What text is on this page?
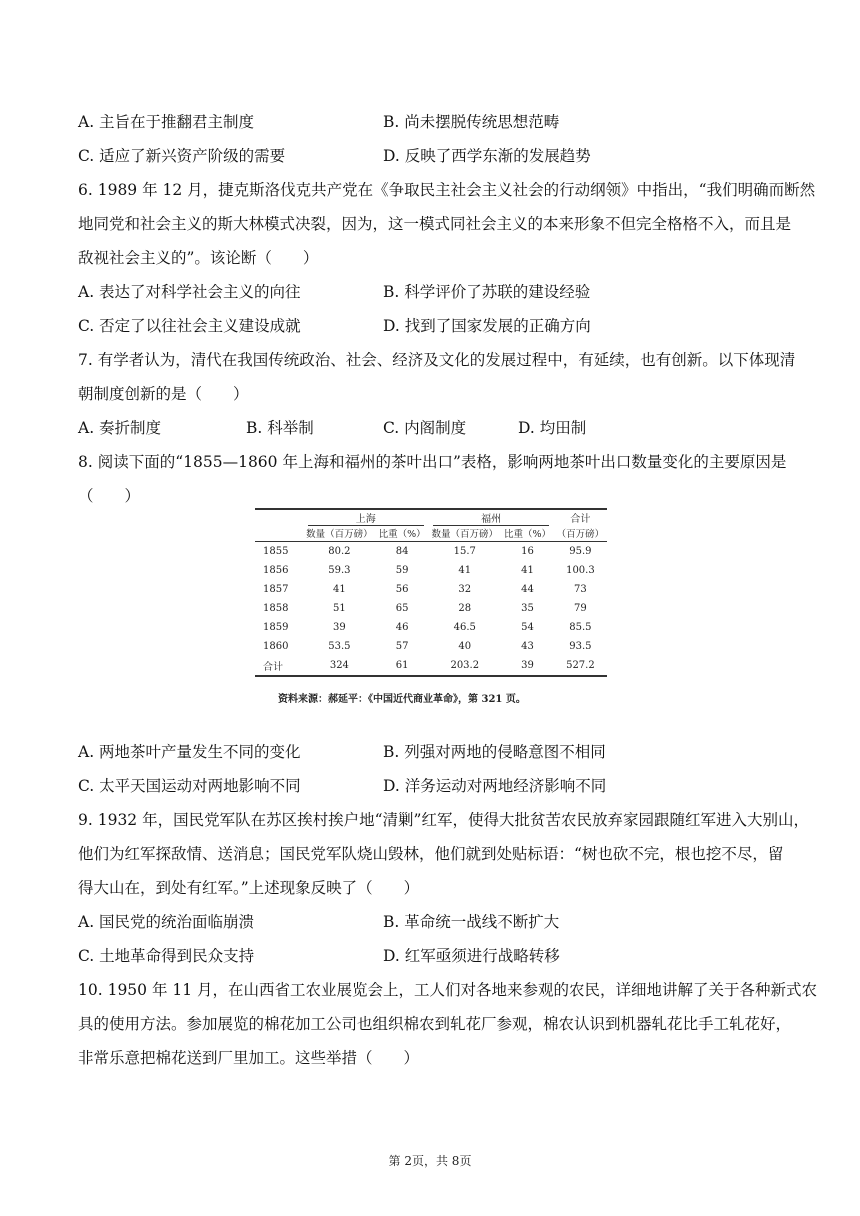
A. 主旨在于推翻君主制度	B. 尚未摆脱传统思想范畴
C. 适应了新兴资产阶级的需要	D. 反映了西学东渐的发展趋势
6. 1989 年 12 月，捷克斯洛伐克共产党在《争取民主社会主义社会的行动纲领》中指出，“我们明确而断然
地同党和社会主义的斯大林模式决裂，因为，这一模式同社会主义的本来形象不但完全格格不入，而且是
敌视社会主义的”。该论断（　　）
A. 表达了对科学社会主义的向往	B. 科学评价了苏联的建设经验
C. 否定了以往社会主义建设成就	D. 找到了国家发展的正确方向
7. 有学者认为，清代在我国传统政治、社会、经济及文化的发展过程中，有延续，也有创新。以下体现清
朝制度创新的是（　　）
A. 奏折制度	B. 科举制	C. 内阁制度	D. 均田制
8. 阅读下面的“1855—1860 年上海和福州的茶叶出口”表格，影响两地茶叶出口数量变化的主要原因是
（　　）
	上海		福州		合计
	数量（百万磅）	比重（%）	数量（百万磅）	比重（%）	（百万磅）
1855	80.2	84	15.7	16	95.9
1856	59.3	59	41	41	100.3
1857	41	56	32	44	73
1858	51	65	28	35	79
1859	39	46	46.5	54	85.5
1860	53.5	57	40	43	93.5
合计	324	61	203.2	39	527.2
资料来源：郝延平：《中国近代商业革命》，第 321 页。
A. 两地茶叶产量发生不同的变化	B. 列强对两地的侵略意图不相同
C. 太平天国运动对两地影响不同	D. 洋务运动对两地经济影响不同
9. 1932 年，国民党军队在苏区挨村挨户地“清剿”红军，使得大批贫苦农民放弃家园跟随红军进入大别山，
他们为红军探敌情、送消息；国民党军队烧山毁林，他们就到处贴标语：“树也砍不完，根也挖不尽，留
得大山在，到处有红军。”上述现象反映了（　　）
A. 国民党的统治面临崩溃	B. 革命统一战线不断扩大
C. 土地革命得到民众支持	D. 红军亟须进行战略转移
10. 1950 年 11 月，在山西省工农业展览会上，工人们对各地来参观的农民，详细地讲解了关于各种新式农
具的使用方法。参加展览的棉花加工公司也组织棉农到轧花厂参观，棉农认识到机器轧花比手工轧花好，
非常乐意把棉花送到厂里加工。这些举措（　　）
第 2页，共 8页
